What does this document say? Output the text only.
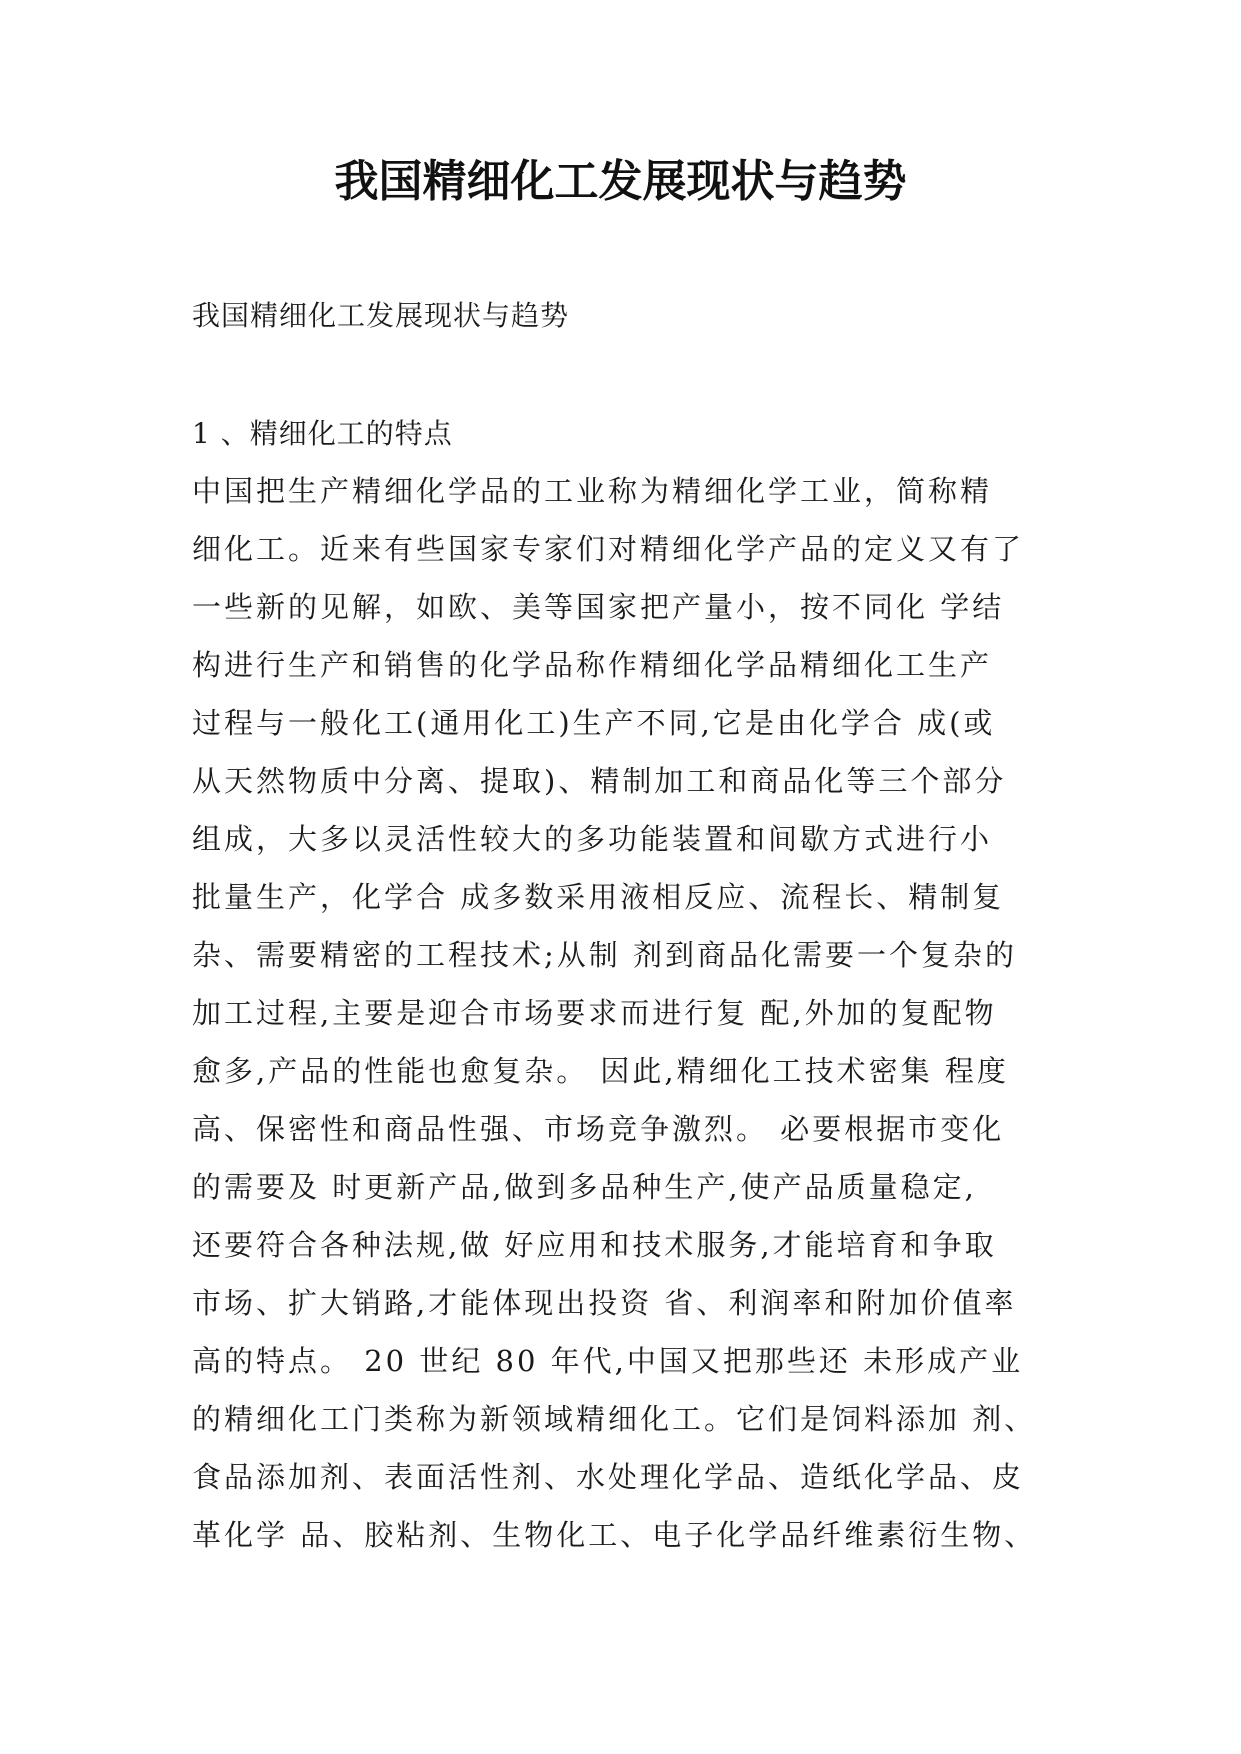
我国精细化工发展现状与趋势

我国精细化工发展现状与趋势

1 、精细化工的特点

中国把生产精细化学品的工业称为精细化学工业，简称精
细化工。近来有些国家专家们对精细化学产品的定义又有了
一些新的见解，如欧、美等国家把产量小，按不同化 学结
构进行生产和销售的化学品称作精细化学品精细化工生产
过程与一般化工(通用化工)生产不同,它是由化学合 成(或
从天然物质中分离、提取)、精制加工和商品化等三个部分
组成，大多以灵活性较大的多功能装置和间歇方式进行小
批量生产，化学合 成多数采用液相反应、流程长、精制复
杂、需要精密的工程技术;从制 剂到商品化需要一个复杂的
加工过程,主要是迎合市场要求而进行复 配,外加的复配物
愈多,产品的性能也愈复杂。 因此,精细化工技术密集 程度
高、保密性和商品性强、市场竞争激烈。 必要根据市变化
的需要及 时更新产品,做到多品种生产,使产品质量稳定,
还要符合各种法规,做 好应用和技术服务,才能培育和争取
市场、扩大销路,才能体现出投资 省、利润率和附加价值率
高的特点。 20 世纪 80 年代,中国又把那些还 未形成产业
的精细化工门类称为新领域精细化工。它们是饲料添加 剂、
食品添加剂、表面活性剂、水处理化学品、造纸化学品、皮
革化学 品、胶粘剂、生物化工、电子化学品纤维素衍生物、
